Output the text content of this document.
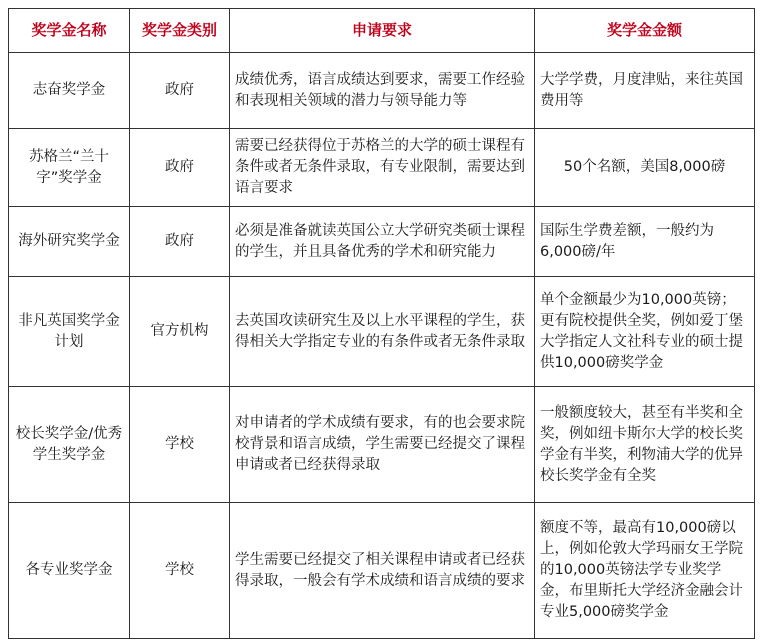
奖学金名称	奖学金类别	申请要求	奖学金金额
志奋奖学金	政府	成绩优秀，语言成绩达到要求，需要工作经验和表现相关领域的潜力与领导能力等	大学学费，月度津贴，来往英国费用等
苏格兰“兰十字”奖学金	政府	需要已经获得位于苏格兰的大学的硕士课程有条件或者无条件录取，有专业限制，需要达到语言要求	50个名额，美国8,000磅
海外研究奖学金	政府	必须是准备就读英国公立大学研究类硕士课程的学生，并且具备优秀的学术和研究能力	国际生学费差额，一般约为6,000磅/年
非凡英国奖学金计划	官方机构	去英国攻读研究生及以上水平课程的学生，获得相关大学指定专业的有条件或者无条件录取	单个金额最少为10,000英镑；更有院校提供全奖，例如爱丁堡大学指定人文社科专业的硕士提供10,000磅奖学金
校长奖学金/优秀学生奖学金	学校	对申请者的学术成绩有要求，有的也会要求院校背景和语言成绩，学生需要已经提交了课程申请或者已经获得录取	一般额度较大，甚至有半奖和全奖，例如纽卡斯尔大学的校长奖学金有半奖，利物浦大学的优异校长奖学金有全奖
各专业奖学金	学校	学生需要已经提交了相关课程申请或者已经获得录取，一般会有学术成绩和语言成绩的要求	额度不等，最高有10,000磅以上，例如伦敦大学玛丽女王学院的10,000英镑法学专业奖学金，布里斯托大学经济金融会计专业5,000磅奖学金
